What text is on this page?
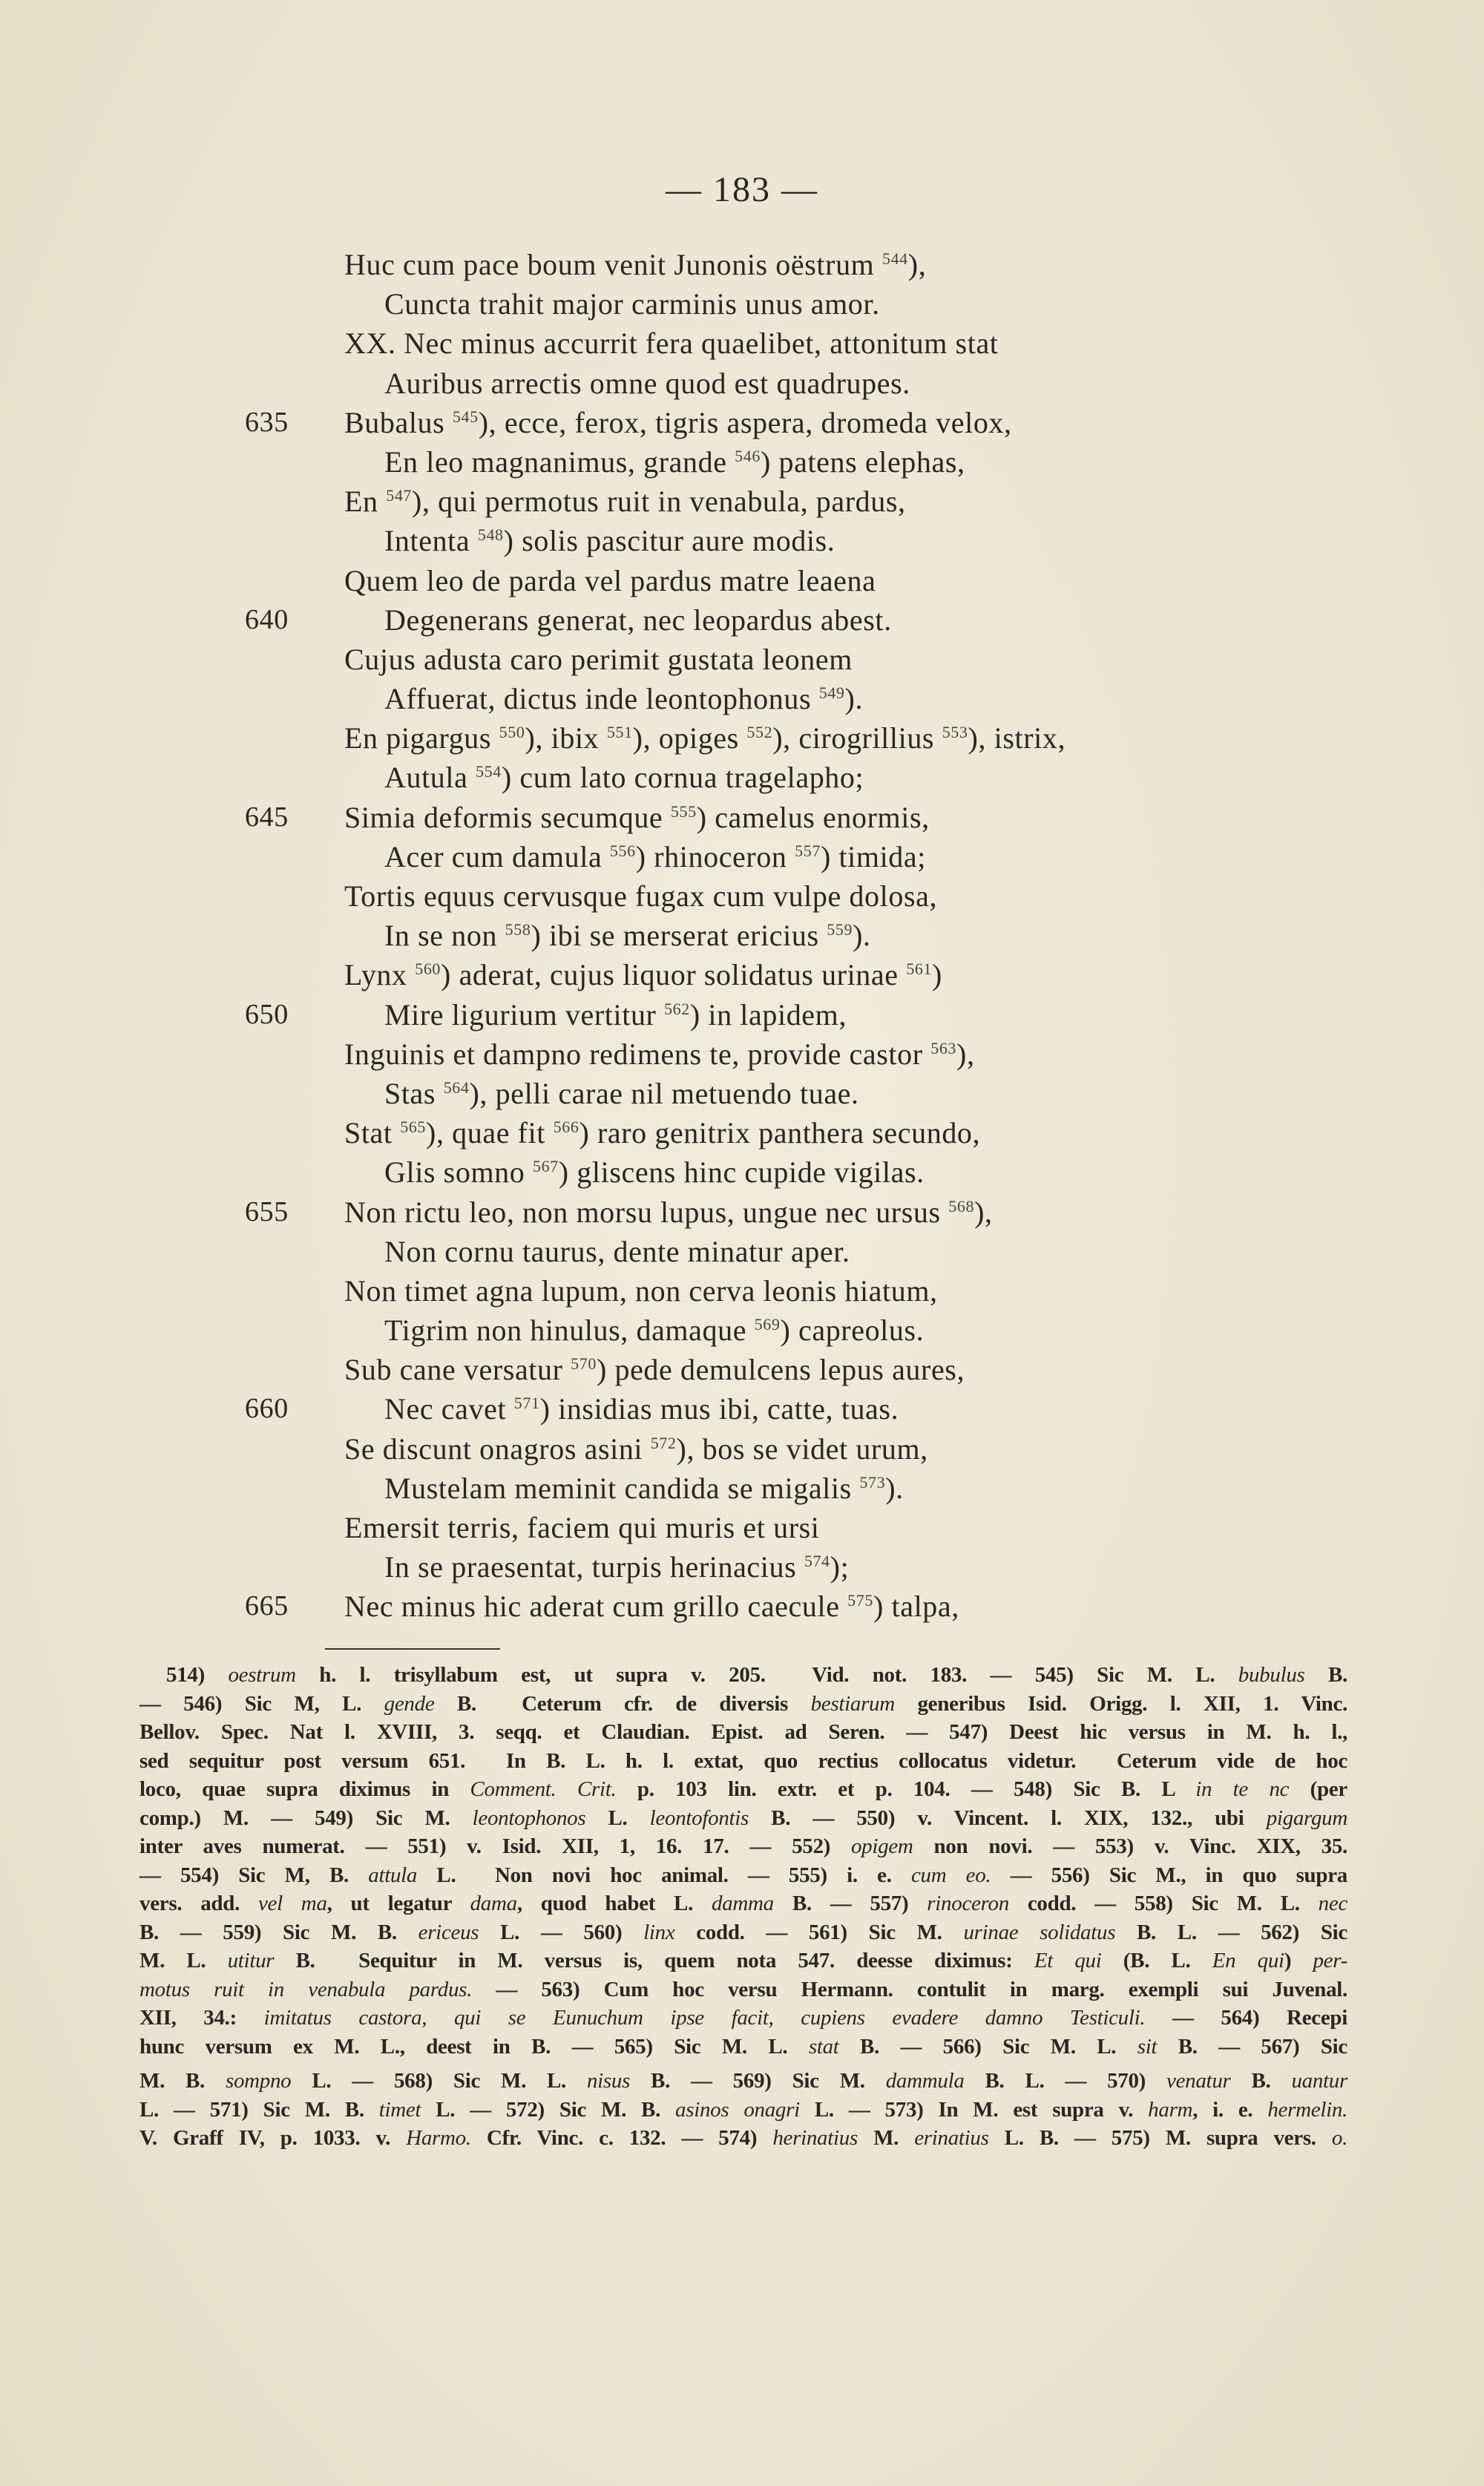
— 183 —
Huc cum pace boum venit Junonis oëstrum $^{544}$),
Cuncta trahit major carminis unus amor.
XX. Nec minus accurrit fera quaelibet, attonitum stat
Auribus arrectis omne quod est quadrupes.
635	Bubalus $^{545}$), ecce, ferox, tigris aspera, dromeda velox,
En leo magnanimus, grande $^{546}$) patens elephas,
En $^{547}$), qui permotus ruit in venabula, pardus,
Intenta $^{548}$) solis pascitur aure modis.
Quem leo de parda vel pardus matre leaena
640	Degenerans generat, nec leopardus abest.
Cujus adusta caro perimit gustata leonem
Affuerat, dictus inde leontophonus $^{549}$).
En pigargus $^{550}$), ibix $^{551}$), opiges $^{552}$), cirogrillius $^{553}$), istrix,
Autula $^{554}$) cum lato cornua tragelapho;
645	Simia deformis secumque $^{555}$) camelus enormis,
Acer cum damula $^{556}$) rhinoceron $^{557}$) timida;
Tortis equus cervusque fugax cum vulpe dolosa,
In se non $^{558}$) ibi se merserat ericius $^{559}$).
Lynx $^{560}$) aderat, cujus liquor solidatus urinae $^{561}$)
650	Mire ligurium vertitur $^{562}$) in lapidem,
Inguinis et dampno redimens te, provide castor $^{563}$),
Stas $^{564}$), pelli carae nil metuendo tuae.
Stat $^{565}$), quae fit $^{566}$) raro genitrix panthera secundo,
Glis somno $^{567}$) gliscens hinc cupide vigilas.
655	Non rictu leo, non morsu lupus, ungue nec ursus $^{568}$),
Non cornu taurus, dente minatur aper.
Non timet agna lupum, non cerva leonis hiatum,
Tigrim non hinulus, damaque $^{569}$) capreolus.
Sub cane versatur $^{570}$) pede demulcens lepus aures,
660	Nec cavet $^{571}$) insidias mus ibi, catte, tuas.
Se discunt onagros asini $^{572}$), bos se videt urum,
Mustelam meminit candida se migalis $^{573}$).
Emersit terris, faciem qui muris et ursi
In se praesentat, turpis herinacius $^{574}$);
665	Nec minus hic aderat cum grillo caecule $^{575}$) talpa,
514) oestrum h. l. trisyllabum est, ut supra v. 205.  Vid. not. 183. — 545) Sic M. L. bubulus B.
— 546) Sic M, L. gende B.  Ceterum cfr. de diversis bestiarum generibus Isid. Origg. l. XII, 1. Vinc.
Bellov. Spec. Nat l. XVIII, 3. seqq. et Claudian. Epist. ad Seren. — 547) Deest hic versus in M. h. l.,
sed sequitur post versum 651.  In B. L. h. l. extat, quo rectius collocatus videtur.  Ceterum vide de hoc
loco, quae supra diximus in Comment. Crit. p. 103 lin. extr. et p. 104. — 548) Sic B. L in te nc (per
comp.) M. — 549) Sic M. leontophonos L. leontofontis B. — 550) v. Vincent. l. XIX, 132., ubi pigargum
inter aves numerat. — 551) v. Isid. XII, 1, 16. 17. — 552) opigem non novi. — 553) v. Vinc. XIX, 35.
— 554) Sic M, B. attula L.  Non novi hoc animal. — 555) i. e. cum eo. — 556) Sic M., in quo supra
vers. add. vel ma, ut legatur dama, quod habet L. damma B. — 557) rinoceron codd. — 558) Sic M. L. nec
B. — 559) Sic M. B. ericeus L. — 560) linx codd. — 561) Sic M. urinae solidatus B. L. — 562) Sic
M. L. utitur B.  Sequitur in M. versus is, quem nota 547. deesse diximus: Et qui (B. L. En qui) per-
motus ruit in venabula pardus. — 563) Cum hoc versu Hermann. contulit in marg. exempli sui Juvenal.
XII, 34.: imitatus castora, qui se Eunuchum ipse facit, cupiens evadere damno Testiculi. — 564) Recepi
hunc versum ex M. L., deest in B. — 565) Sic M. L. stat B. — 566) Sic M. L. sit B. — 567) Sic
M. B. sompno L. — 568) Sic M. L. nisus B. — 569) Sic M. dammula B. L. — 570) venatur B. uantur
L. — 571) Sic M. B. timet L. — 572) Sic M. B. asinos onagri L. — 573) In M. est supra v. harm, i. e. hermelin.
V. Graff IV, p. 1033. v. Harmo. Cfr. Vinc. c. 132. — 574) herinatius M. erinatius L. B. — 575) M. supra vers. o.
